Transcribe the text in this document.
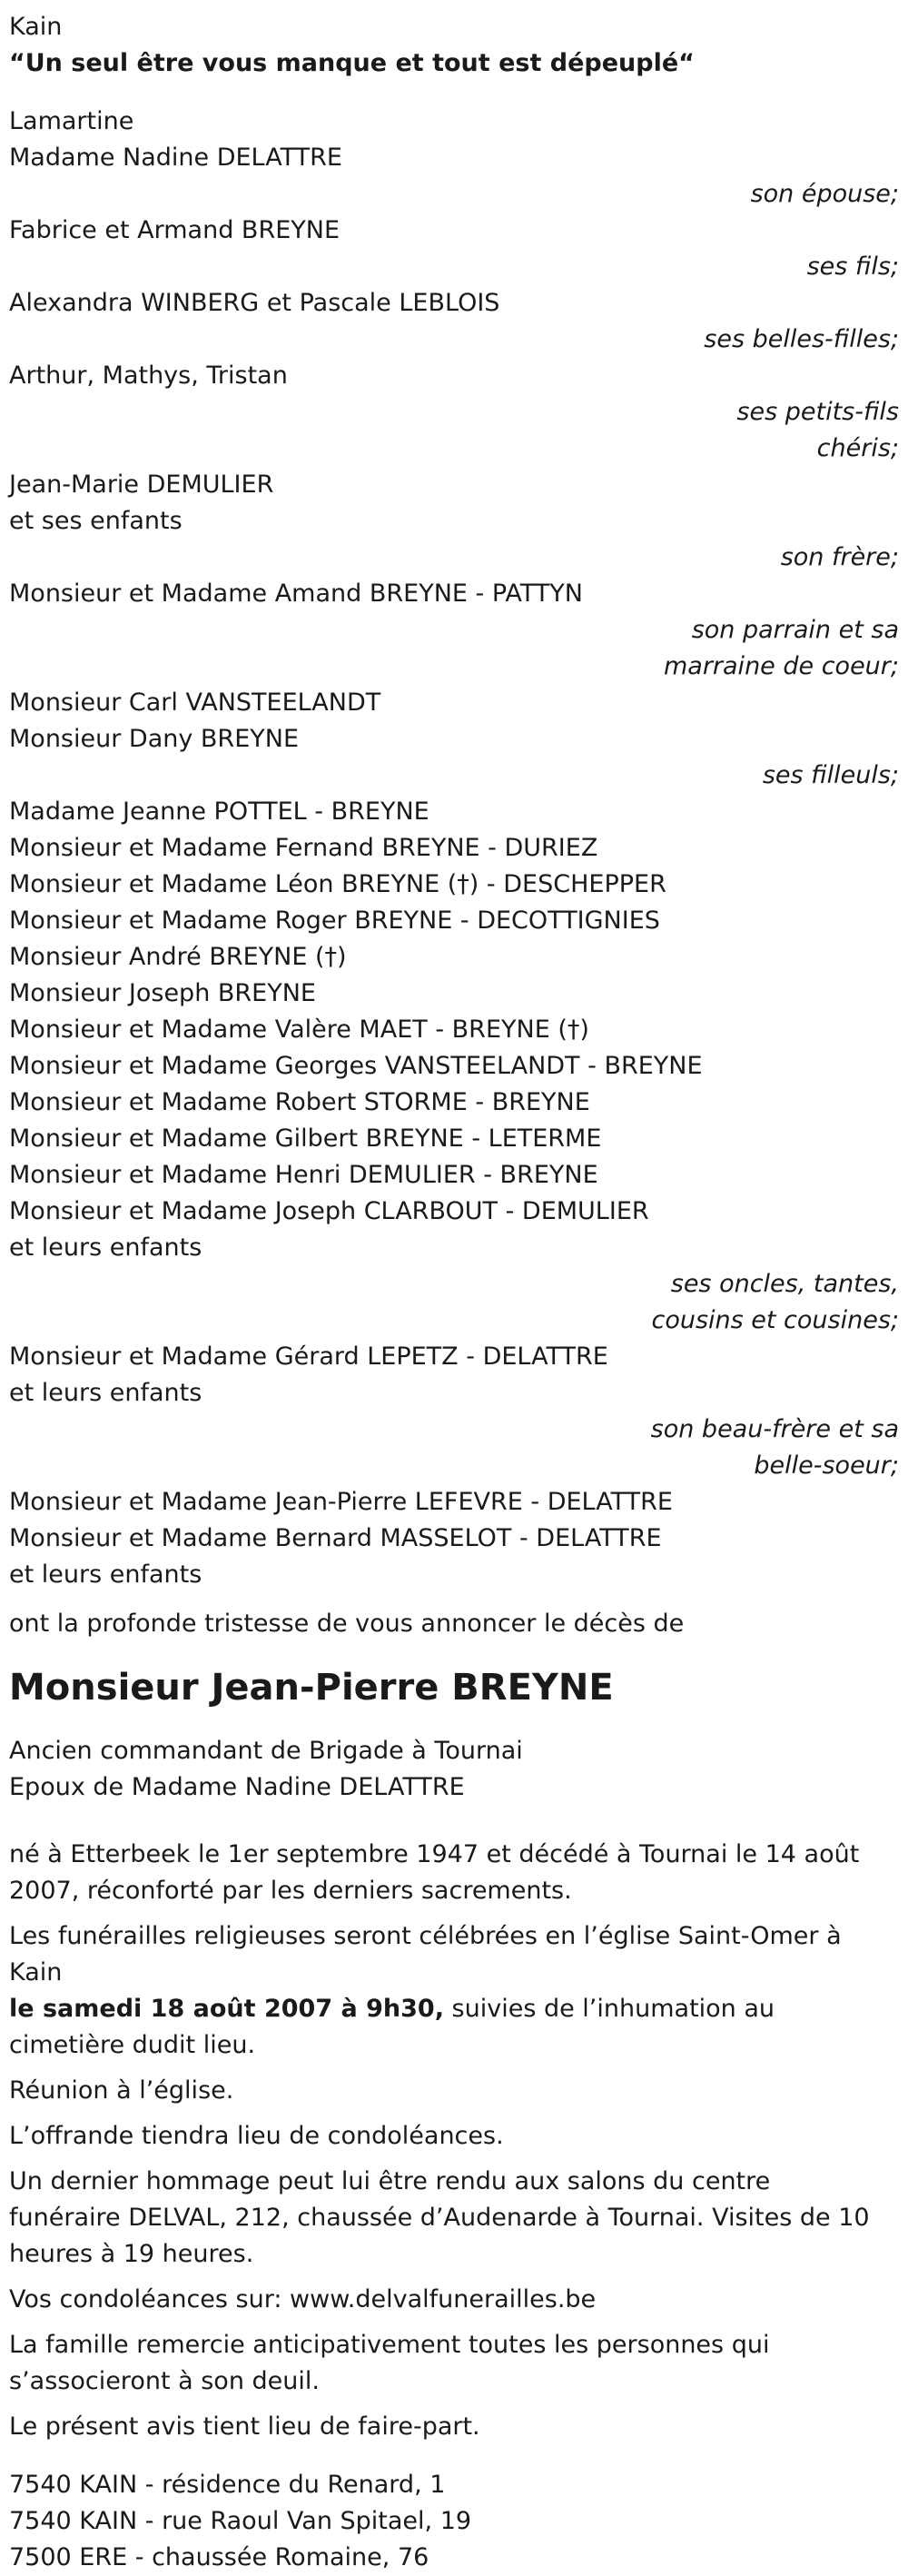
Kain
“Un seul être vous manque et tout est dépeuplé“
Lamartine
Madame Nadine DELATTRE
son épouse;
Fabrice et Armand BREYNE
ses fils;
Alexandra WINBERG et Pascale LEBLOIS
ses belles-filles;
Arthur, Mathys, Tristan
ses petits-fils
chéris;
Jean-Marie DEMULIER
et ses enfants
son frère;
Monsieur et Madame Amand BREYNE - PATTYN
son parrain et sa
marraine de coeur;
Monsieur Carl VANSTEELANDT
Monsieur Dany BREYNE
ses filleuls;
Madame Jeanne POTTEL - BREYNE
Monsieur et Madame Fernand BREYNE - DURIEZ
Monsieur et Madame Léon BREYNE (†) - DESCHEPPER
Monsieur et Madame Roger BREYNE - DECOTTIGNIES
Monsieur André BREYNE (†)
Monsieur Joseph BREYNE
Monsieur et Madame Valère MAET - BREYNE (†)
Monsieur et Madame Georges VANSTEELANDT - BREYNE
Monsieur et Madame Robert STORME - BREYNE
Monsieur et Madame Gilbert BREYNE - LETERME
Monsieur et Madame Henri DEMULIER - BREYNE
Monsieur et Madame Joseph CLARBOUT - DEMULIER
et leurs enfants
ses oncles, tantes,
cousins et cousines;
Monsieur et Madame Gérard LEPETZ - DELATTRE
et leurs enfants
son beau-frère et sa
belle-soeur;
Monsieur et Madame Jean-Pierre LEFEVRE - DELATTRE
Monsieur et Madame Bernard MASSELOT - DELATTRE
et leurs enfants
ont la profonde tristesse de vous annoncer le décès de
Monsieur Jean-Pierre BREYNE
Ancien commandant de Brigade à Tournai
Epoux de Madame Nadine DELATTRE
né à Etterbeek le 1er septembre 1947 et décédé à Tournai le 14 août 2007, réconforté par les derniers sacrements.
Les funérailles religieuses seront célébrées en l’église Saint-Omer à Kain
le samedi 18 août 2007 à 9h30, suivies de l’inhumation au cimetière dudit lieu.
Réunion à l’église.
L’offrande tiendra lieu de condoléances.
Un dernier hommage peut lui être rendu aux salons du centre funéraire DELVAL, 212, chaussée d’Audenarde à Tournai. Visites de 10 heures à 19 heures.
Vos condoléances sur: www.delvalfunerailles.be
La famille remercie anticipativement toutes les personnes qui s’associeront à son deuil.
Le présent avis tient lieu de faire-part.
7540 KAIN - résidence du Renard, 1
7540 KAIN - rue Raoul Van Spitael, 19
7500 ERE - chaussée Romaine, 76
